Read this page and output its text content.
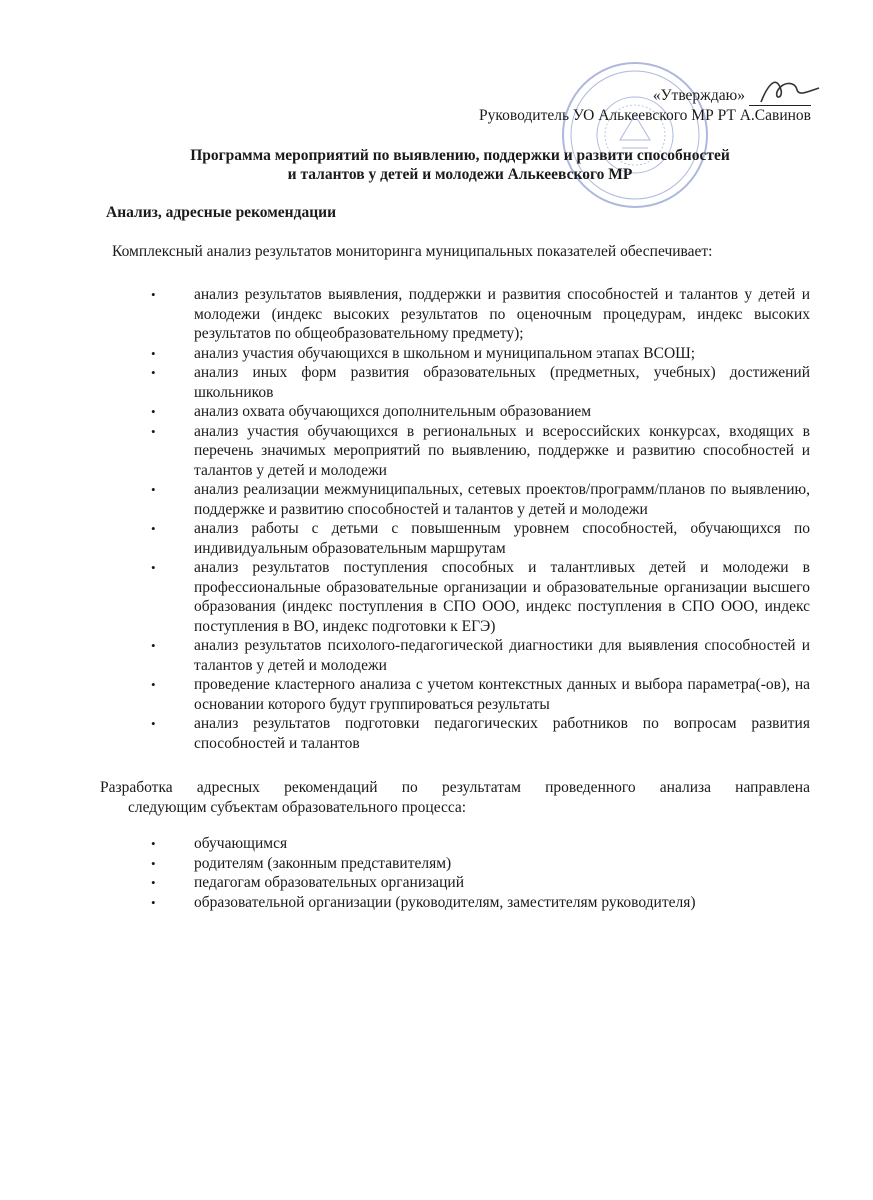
«Утверждаю»
Руководитель УО Алькеевского МР РТ А.Савинов
Программа мероприятий по выявлению, поддержки и развити способностей
и талантов у детей и молодежи Алькеевского МР
Анализ, адресные рекомендации
Комплексный анализ результатов мониторинга муниципальных показателей обеспечивает:
• анализ результатов выявления, поддержки и развития способностей и талантов у детей и молодежи (индекс высоких результатов по оценочным процедурам, индекс высоких результатов по общеобразовательному предмету);
• анализ участия обучающихся в школьном и муниципальном этапах ВСОШ;
• анализ иных форм развития образовательных (предметных, учебных) достижений школьников
• анализ охвата обучающихся дополнительным образованием
• анализ участия обучающихся в региональных и всероссийских конкурсах, входящих в перечень значимых мероприятий по выявлению, поддержке и развитию способностей и талантов у детей и молодежи
• анализ реализации межмуниципальных, сетевых проектов/программ/планов по выявлению, поддержке и развитию способностей и талантов у детей и молодежи
• анализ работы с детьми с повышенным уровнем способностей, обучающихся по индивидуальным образовательным маршрутам
• анализ результатов поступления способных и талантливых детей и молодежи в профессиональные образовательные организации и образовательные организации высшего образования (индекс поступления в СПО ООО, индекс поступления в СПО ООО, индекс поступления в ВО, индекс подготовки к ЕГЭ)
• анализ результатов психолого-педагогической диагностики для выявления способностей и талантов у детей и молодежи
• проведение кластерного анализа с учетом контекстных данных и выбора параметра(-ов), на основании которого будут группироваться результаты
• анализ результатов подготовки педагогических работников по вопросам развития способностей и талантов
Разработка адресных рекомендаций по результатам проведенного анализа направлена
следующим субъектам образовательного процесса:
• обучающимся
• родителям (законным представителям)
• педагогам образовательных организаций
• образовательной организации (руководителям, заместителям руководителя)
